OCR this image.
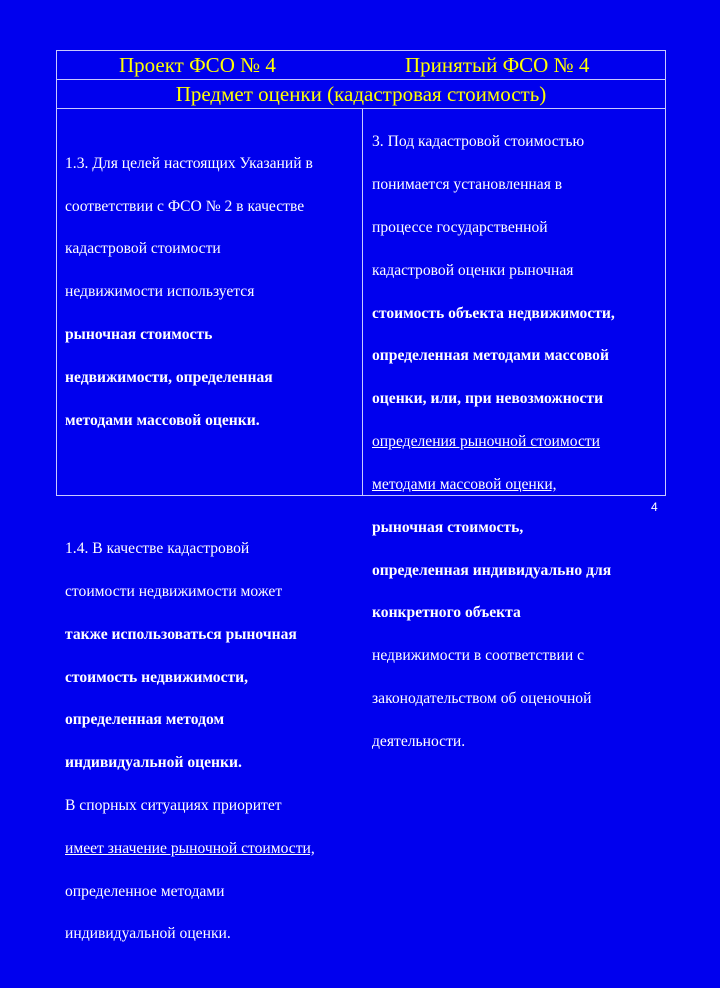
Проект ФСО № 4	Принятый ФСО № 4
Предмет оценки (кадастровая стоимость)

1.3. Для целей настоящих Указаний в

соответствии с ФСО № 2 в качестве

кадастровой стоимости

недвижимости используется

рыночная стоимость

недвижимости, определенная

методами массовой оценки.

1.4. В качестве кадастровой

стоимости недвижимости может

также использоваться рыночная

стоимость недвижимости,

определенная методом

индивидуальной оценки.

В спорных ситуациях приоритет

имеет значение рыночной стоимости,

определенное методами

индивидуальной оценки.

3. Под кадастровой стоимостью

понимается установленная в

процессе государственной

кадастровой оценки рыночная

стоимость объекта недвижимости,

определенная методами массовой

оценки, или, при невозможности

определения рыночной стоимости

методами массовой оценки,

рыночная стоимость,

определенная индивидуально для

конкретного объекта

недвижимости в соответствии с

законодательством об оценочной

деятельности.

4
